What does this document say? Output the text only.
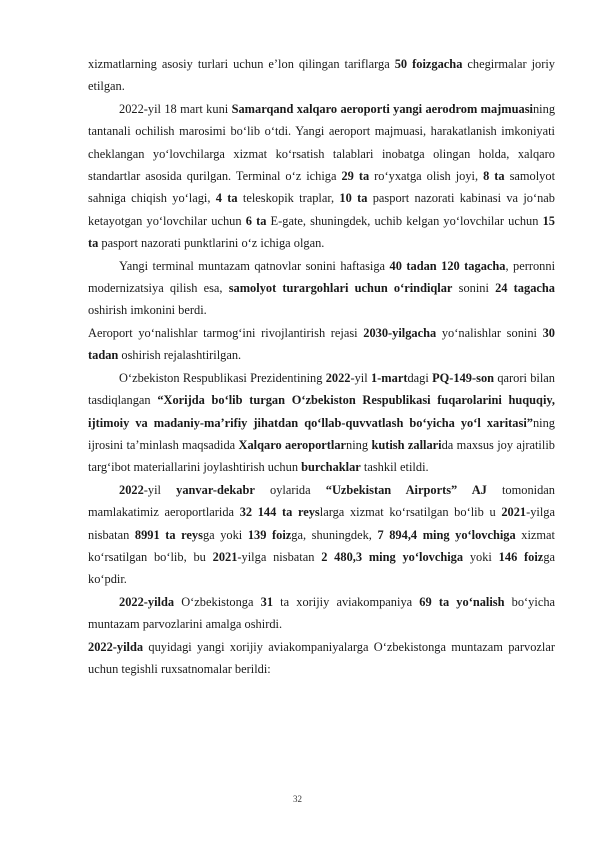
xizmatlarning asosiy turlari uchun e’lon qilingan tariflarga 50 foizgacha chegirmalar joriy etilgan.

2022-yil 18 mart kuni Samarqand xalqaro aeroporti yangi aerodrom majmuasining tantanali ochilish marosimi bo‘lib o‘tdi. Yangi aeroport majmuasi, harakatlanish imkoniyati cheklangan yo‘lovchilarga xizmat ko‘rsatish talablari inobatga olingan holda, xalqaro standartlar asosida qurilgan. Terminal o‘z ichiga 29 ta ro‘yxatga olish joyi, 8 ta samolyot sahniga chiqish yo‘lagi, 4 ta teleskopik traplar, 10 ta pasport nazorati kabinasi va jo‘nab ketayotgan yo‘lovchilar uchun 6 ta E-gate, shuningdek, uchib kelgan yo‘lovchilar uchun 15 ta pasport nazorati punktlarini o‘z ichiga olgan.

Yangi terminal muntazam qatnovlar sonini haftasiga 40 tadan 120 tagacha, perronni modernizatsiya qilish esa, samolyot turargohlari uchun o‘rindiqlar sonini 24 tagacha oshirish imkonini berdi.

Aeroport yo‘nalishlar tarmog‘ini rivojlantirish rejasi 2030-yilgacha yo‘nalishlar sonini 30 tadan oshirish rejalashtirilgan.

O‘zbekiston Respublikasi Prezidentining 2022-yil 1-martdagi PQ-149-son qarori bilan tasdiqlangan “Xorijda bo‘lib turgan O‘zbekiston Respublikasi fuqarolarini huquqiy, ijtimoiy va madaniy-ma’rifiy jihatdan qo‘llab-quvvatlash bo‘yicha yo‘l xaritasi”ning ijrosini ta’minlash maqsadida Xalqaro aeroportlarning kutish zallarida maxsus joy ajratilib targ‘ibot materiallarini joylashtirish uchun burchaklar tashkil etildi.

2022-yil yanvar-dekabr oylarida “Uzbekistan Airports” AJ tomonidan mamlakatimiz aeroportlarida 32 144 ta reyslarga xizmat ko‘rsatilgan bo‘lib u 2021-yilga nisbatan 8991 ta reysga yoki 139 foizga, shuningdek, 7 894,4 ming yo‘lovchiga xizmat ko‘rsatilgan bo‘lib, bu 2021-yilga nisbatan 2 480,3 ming yo‘lovchiga yoki 146 foizga ko‘pdir.

2022-yilda O‘zbekistonga 31 ta xorijiy aviakompaniya 69 ta yo‘nalish bo‘yicha muntazam parvozlarini amalga oshirdi.

2022-yilda quyidagi yangi xorijiy aviakompaniyalarga O‘zbekistonga muntazam parvozlar uchun tegishli ruxsatnomalar berildi:

32
